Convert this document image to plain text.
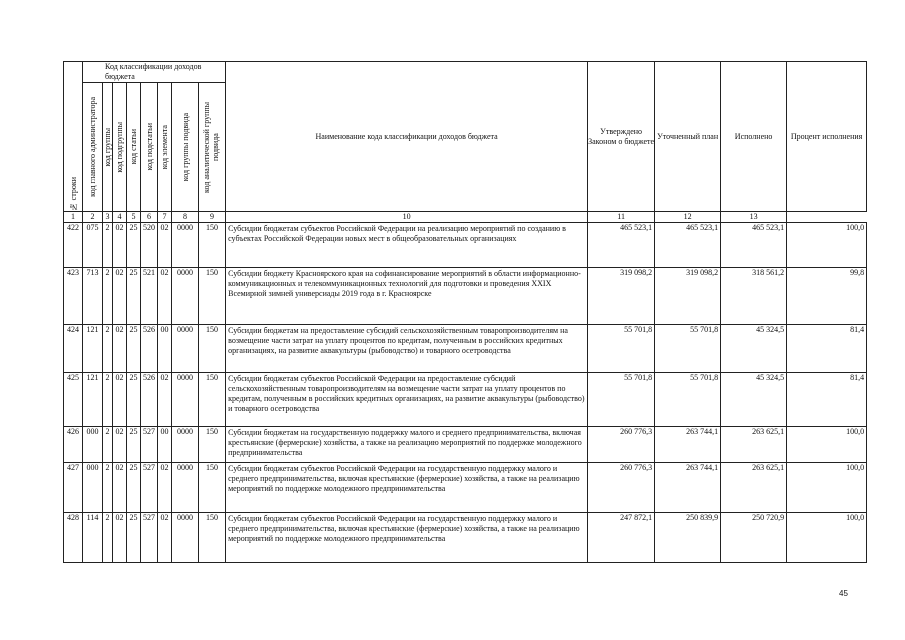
№ строки	Код классификации доходов бюджета								Наименование кода классификации доходов бюджета	Утверждено Законом о бюджете	Уточненный план	Исполнено	Процент исполнения

	код главного администратора	код группы	код подгруппы	код статьи	код подстатьи	код элемента	код группы подвида	код аналитической группы подвида					

1	2	3	4	5	6	7	8	9	10	11	12	13	
422	075	2	02	25	520	02	0000	150	Субсидии бюджетам субъектов Российской Федерации на реализацию мероприятий по созданию в субъектах Российской Федерации новых мест в общеобразовательных организациях	465 523,1	465 523,1	465 523,1	100,0
423	713	2	02	25	521	02	0000	150	Субсидии бюджету Красноярского края на софинансирование мероприятий в области информационно-коммуникационных и телекоммуникационных технологий для подготовки и проведения XXIX Всемирной зимней универсиады 2019 года в г. Красноярске	319 098,2	319 098,2	318 561,2	99,8
424	121	2	02	25	526	00	0000	150	Субсидии бюджетам на предоставление субсидий сельскохозяйственным товаропроизводителям на возмещение части затрат на уплату процентов по кредитам, полученным в российских кредитных организациях, на развитие аквакультуры (рыбоводство) и товарного осетроводства	55 701,8	55 701,8	45 324,5	81,4
425	121	2	02	25	526	02	0000	150	Субсидии бюджетам субъектов Российской Федерации на предоставление субсидий сельскохозяйственным товаропроизводителям на возмещение части затрат на уплату процентов по кредитам, полученным в российских кредитных организациях, на развитие аквакультуры (рыбоводство) и товарного осетроводства	55 701,8	55 701,8	45 324,5	81,4
426	000	2	02	25	527	00	0000	150	Субсидии бюджетам на государственную поддержку малого и среднего предпринимательства, включая крестьянские (фермерские) хозяйства, а также на реализацию мероприятий по поддержке молодежного предпринимательства	260 776,3	263 744,1	263 625,1	100,0
427	000	2	02	25	527	02	0000	150	Субсидии бюджетам субъектов Российской Федерации на государственную поддержку малого и среднего предпринимательства, включая крестьянские (фермерские) хозяйства, а также на реализацию мероприятий по поддержке молодежного предпринимательства	260 776,3	263 744,1	263 625,1	100,0
428	114	2	02	25	527	02	0000	150	Субсидии бюджетам субъектов Российской Федерации на государственную поддержку малого и среднего предпринимательства, включая крестьянские (фермерские) хозяйства, а также на реализацию мероприятий по поддержке молодежного предпринимательства	247 872,1	250 839,9	250 720,9	100,0
45
